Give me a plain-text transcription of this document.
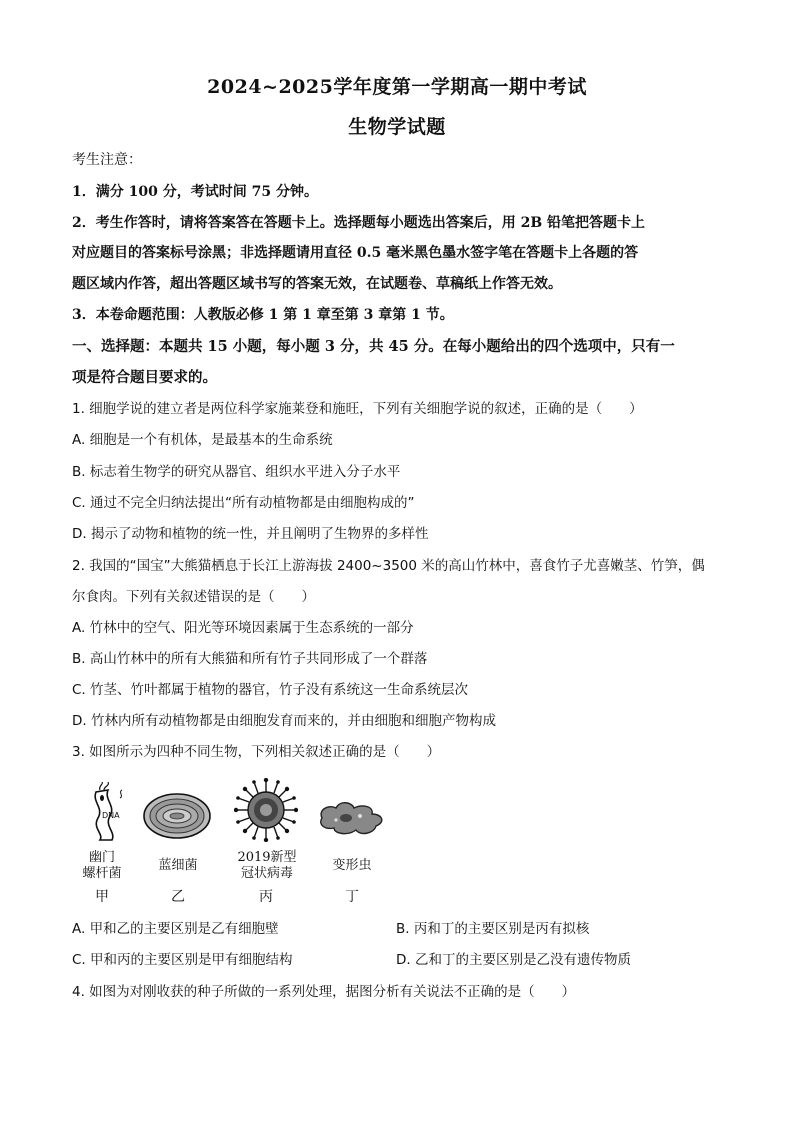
2024~2025学年度第一学期高一期中考试
生物学试题
考生注意：
1．满分 100 分，考试时间 75 分钟。
2．考生作答时，请将答案答在答题卡上。选择题每小题选出答案后，用 2B 铅笔把答题卡上
对应题目的答案标号涂黑；非选择题请用直径 0.5 毫米黑色墨水签字笔在答题卡上各题的答
题区域内作答，超出答题区域书写的答案无效，在试题卷、草稿纸上作答无效。
3．本卷命题范围：人教版必修 1 第 1 章至第 3 章第 1 节。
一、选择题：本题共 15 小题，每小题 3 分，共 45 分。在每小题给出的四个选项中，只有一
项是符合题目要求的。
1. 细胞学说的建立者是两位科学家施莱登和施旺，下列有关细胞学说的叙述，正确的是（　　）
A. 细胞是一个有机体，是最基本的生命系统
B. 标志着生物学的研究从器官、组织水平进入分子水平
C. 通过不完全归纳法提出“所有动植物都是由细胞构成的”
D. 揭示了动物和植物的统一性，并且阐明了生物界的多样性
2. 我国的“国宝”大熊猫栖息于长江上游海拔 2400~3500 米的高山竹林中，喜食竹子尤喜嫩茎、竹笋，偶
尔食肉。下列有关叙述错误的是（　　）
A. 竹林中的空气、阳光等环境因素属于生态系统的一部分
B. 高山竹林中的所有大熊猫和所有竹子共同形成了一个群落
C. 竹茎、竹叶都属于植物的器官，竹子没有系统这一生命系统层次
D. 竹林内所有动植物都是由细胞发育而来的，并由细胞和细胞产物构成
3. 如图所示为四种不同生物，下列相关叙述正确的是（　　）
DNA
幽门
螺杆菌
甲
蓝细菌
乙
2019新型
冠状病毒
丙
变形虫
丁
A. 甲和乙的主要区别是乙有细胞壁	B. 丙和丁的主要区别是丙有拟核
C. 甲和丙的主要区别是甲有细胞结构	D. 乙和丁的主要区别是乙没有遗传物质
4. 如图为对刚收获的种子所做的一系列处理，据图分析有关说法不正确的是（　　）
